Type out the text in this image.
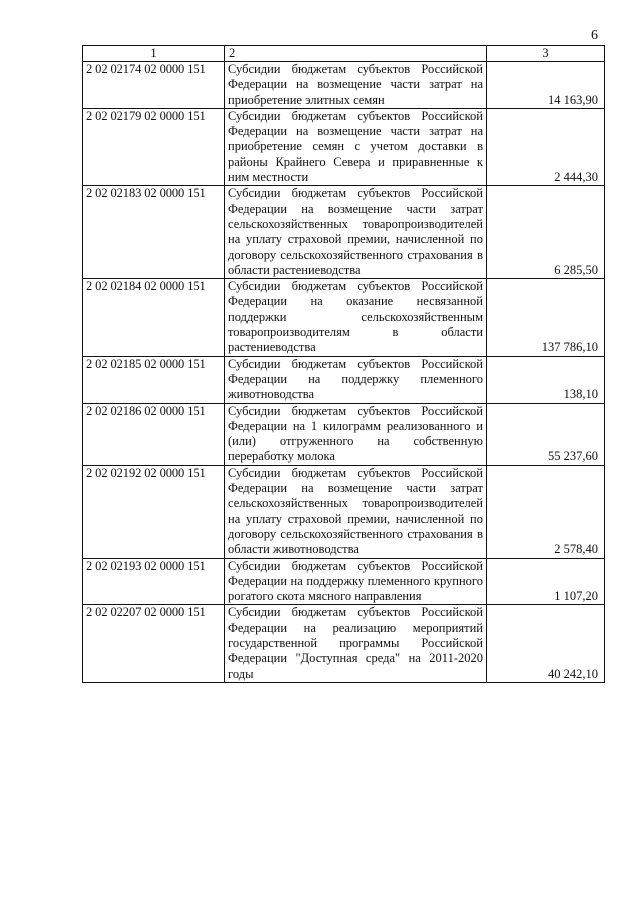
6
1	2	3
2 02 02174 02 0000 151	Субсидии бюджетам субъектов Российской Федерации на возмещение части затрат на приобретение элитных семян	14 163,90
2 02 02179 02 0000 151	Субсидии бюджетам субъектов Российской Федерации на возмещение части затрат на приобретение семян с учетом доставки в районы Крайнего Севера и приравненные к ним местности	2 444,30
2 02 02183 02 0000 151	Субсидии бюджетам субъектов Российской Федерации на возмещение части затрат сельскохозяйственных товаропроизводителей на уплату страховой премии, начисленной по договору сельскохозяйственного страхования в области растениеводства	6 285,50
2 02 02184 02 0000 151	Субсидии бюджетам субъектов Российской Федерации на оказание несвязанной поддержки сельскохозяйственным товаропроизводителям в области растениеводства	137 786,10
2 02 02185 02 0000 151	Субсидии бюджетам субъектов Российской Федерации на поддержку племенного животноводства	138,10
2 02 02186 02 0000 151	Субсидии бюджетам субъектов Российской Федерации на 1 килограмм реализованного и (или) отгруженного на собственную переработку молока	55 237,60
2 02 02192 02 0000 151	Субсидии бюджетам субъектов Российской Федерации на возмещение части затрат сельскохозяйственных товаропроизводителей на уплату страховой премии, начисленной по договору сельскохозяйственного страхования в области животноводства	2 578,40
2 02 02193 02 0000 151	Субсидии бюджетам субъектов Российской Федерации на поддержку племенного крупного рогатого скота мясного направления	1 107,20
2 02 02207 02 0000 151	Субсидии бюджетам субъектов Российской Федерации на реализацию мероприятий государственной программы Российской Федерации "Доступная среда" на 2011-2020 годы	40 242,10
